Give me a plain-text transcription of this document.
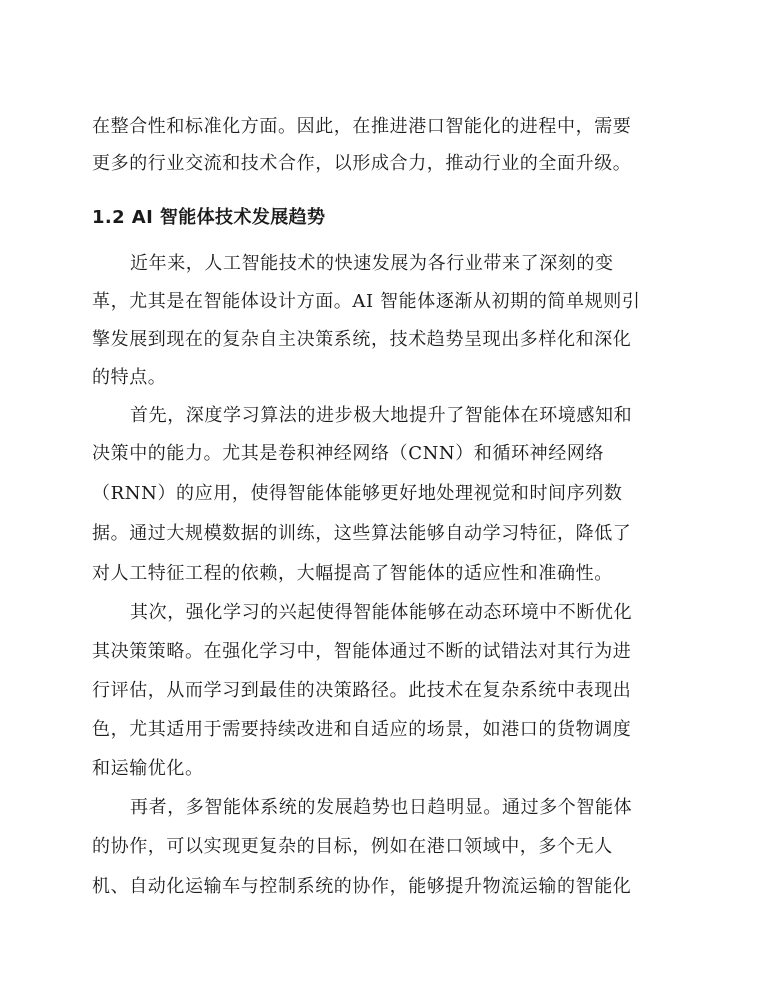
在整合性和标准化方面。因此，在推进港口智能化的进程中，需要
更多的行业交流和技术合作，以形成合力，推动行业的全面升级。
1.2 AI 智能体技术发展趋势
近年来，人工智能技术的快速发展为各行业带来了深刻的变
革，尤其是在智能体设计方面。AI 智能体逐渐从初期的简单规则引
擎发展到现在的复杂自主决策系统，技术趋势呈现出多样化和深化
的特点。
首先，深度学习算法的进步极大地提升了智能体在环境感知和
决策中的能力。尤其是卷积神经网络（CNN）和循环神经网络
（RNN）的应用，使得智能体能够更好地处理视觉和时间序列数
据。通过大规模数据的训练，这些算法能够自动学习特征，降低了
对人工特征工程的依赖，大幅提高了智能体的适应性和准确性。
其次，强化学习的兴起使得智能体能够在动态环境中不断优化
其决策策略。在强化学习中，智能体通过不断的试错法对其行为进
行评估，从而学习到最佳的决策路径。此技术在复杂系统中表现出
色，尤其适用于需要持续改进和自适应的场景，如港口的货物调度
和运输优化。
再者，多智能体系统的发展趋势也日趋明显。通过多个智能体
的协作，可以实现更复杂的目标，例如在港口领域中，多个无人
机、自动化运输车与控制系统的协作，能够提升物流运输的智能化
